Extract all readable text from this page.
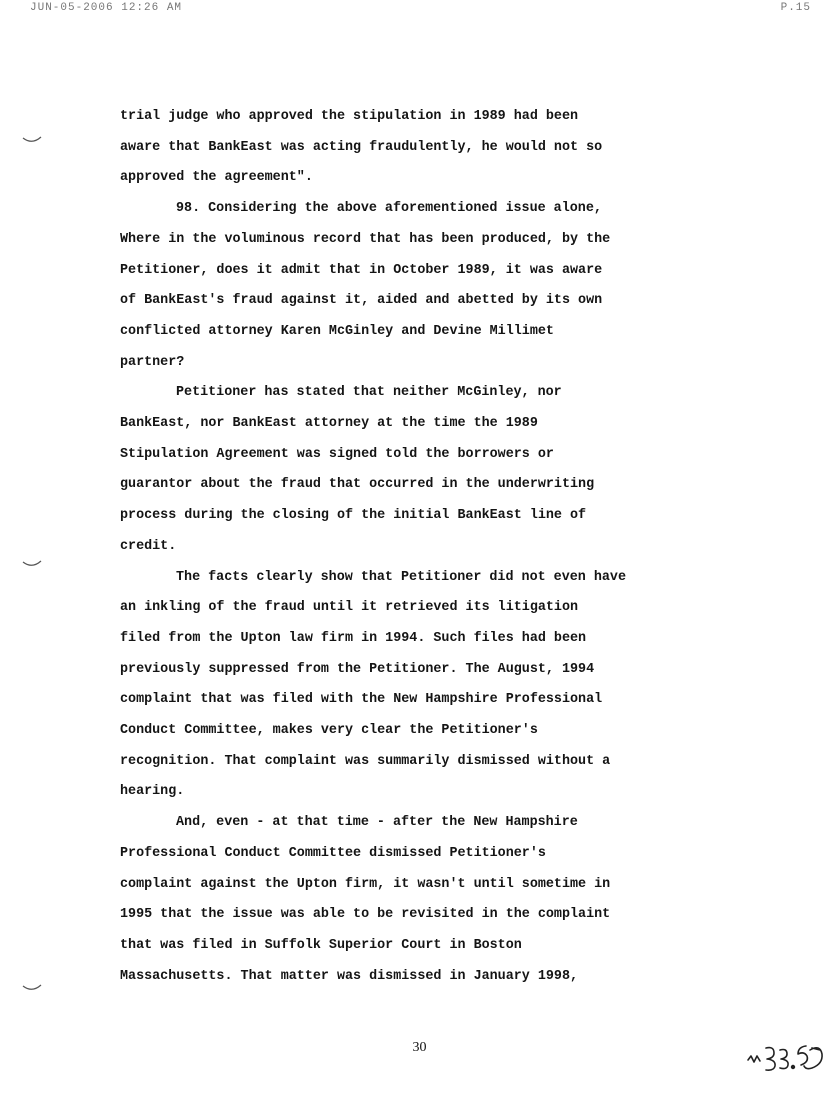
JUN-05-2006 12:26 AM	P.15

trial judge who approved the stipulation in 1989 had been
aware that BankEast was acting fraudulently, he would not so
approved the agreement".

98. Considering the above aforementioned issue alone,
Where in the voluminous record that has been produced, by the
Petitioner, does it admit that in October 1989, it was aware
of BankEast's fraud against it, aided and abetted by its own
conflicted attorney Karen McGinley and Devine Millimet
partner?

Petitioner has stated that neither McGinley, nor
BankEast, nor BankEast attorney at the time the 1989
Stipulation Agreement was signed told the borrowers or
guarantor about the fraud that occurred in the underwriting
process during the closing of the initial BankEast line of
credit.

The facts clearly show that Petitioner did not even have
an inkling of the fraud until it retrieved its litigation
filed from the Upton law firm in 1994. Such files had been
previously suppressed from the Petitioner. The August, 1994
complaint that was filed with the New Hampshire Professional
Conduct Committee, makes very clear the Petitioner's
recognition. That complaint was summarily dismissed without a
hearing.

And, even - at that time - after the New Hampshire
Professional Conduct Committee dismissed Petitioner's
complaint against the Upton firm, it wasn't until sometime in
1995 that the issue was able to be revisited in the complaint
that was filed in Suffolk Superior Court in Boston
Massachusetts. That matter was dismissed in January 1998,

30
